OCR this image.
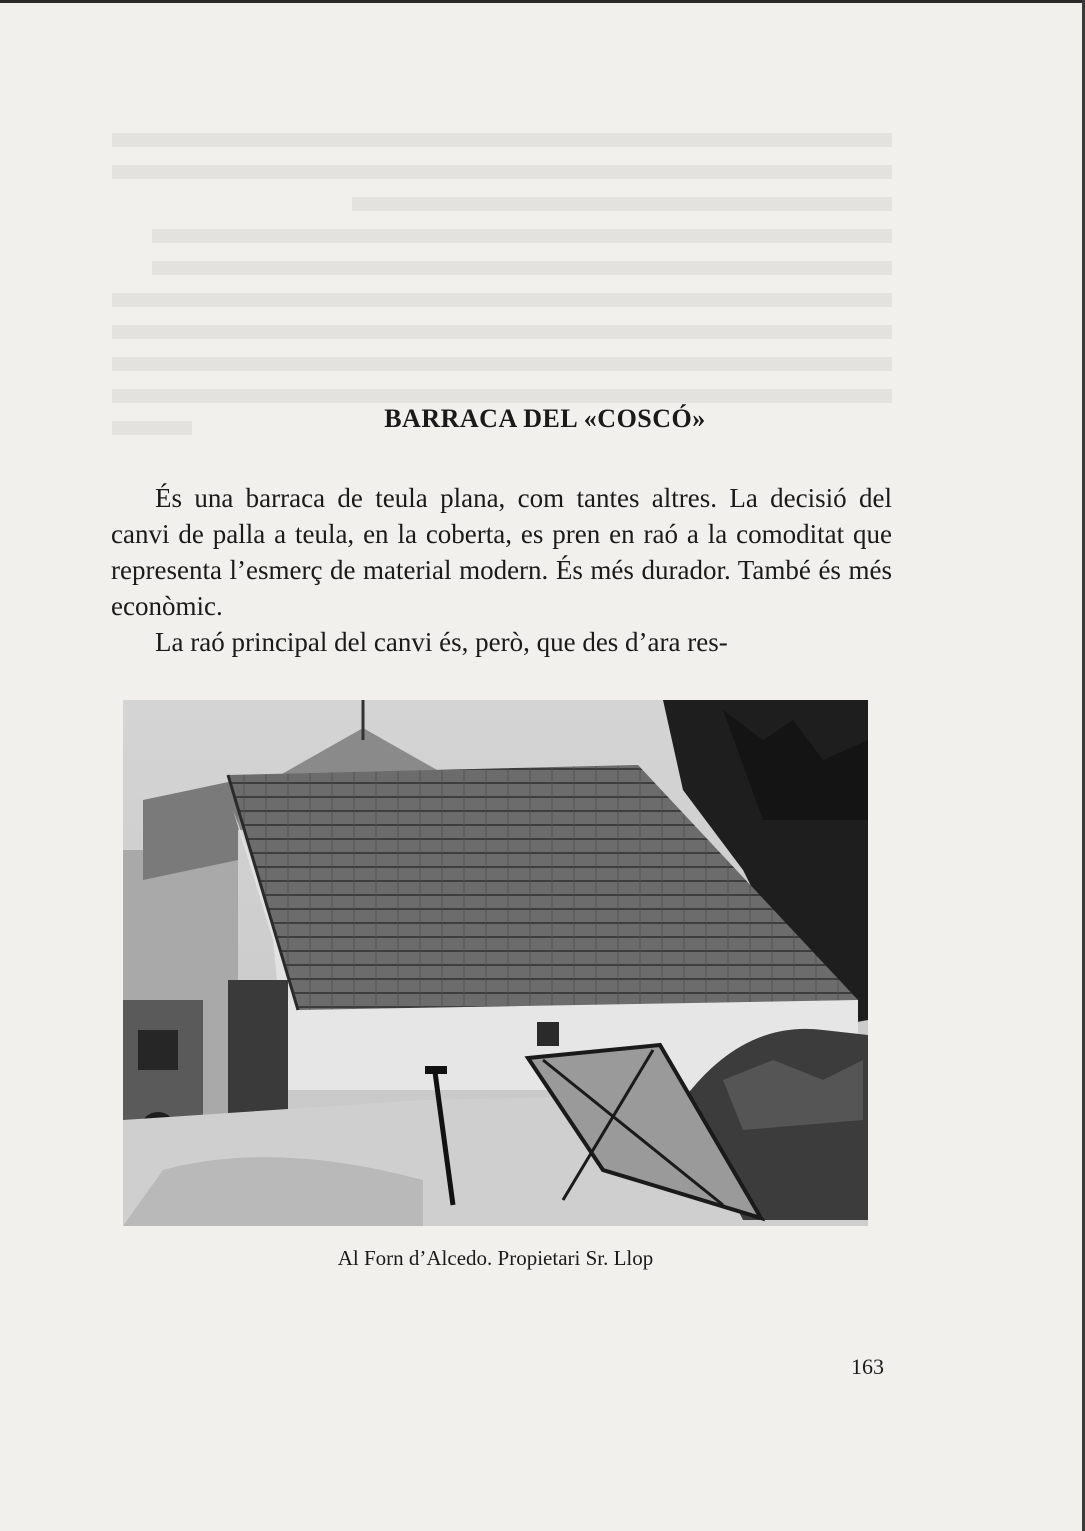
BARRACA DEL «COSCÓ»

És una barraca de teula plana, com tantes altres. La decisió del canvi de palla a teula, en la coberta, es pren en raó a la comoditat que representa l’esmerç de material modern. És més durador. També és més econòmic.

La raó principal del canvi és, però, que des d’ara res-

Al Forn d’Alcedo. Propietari Sr. Llop
163
